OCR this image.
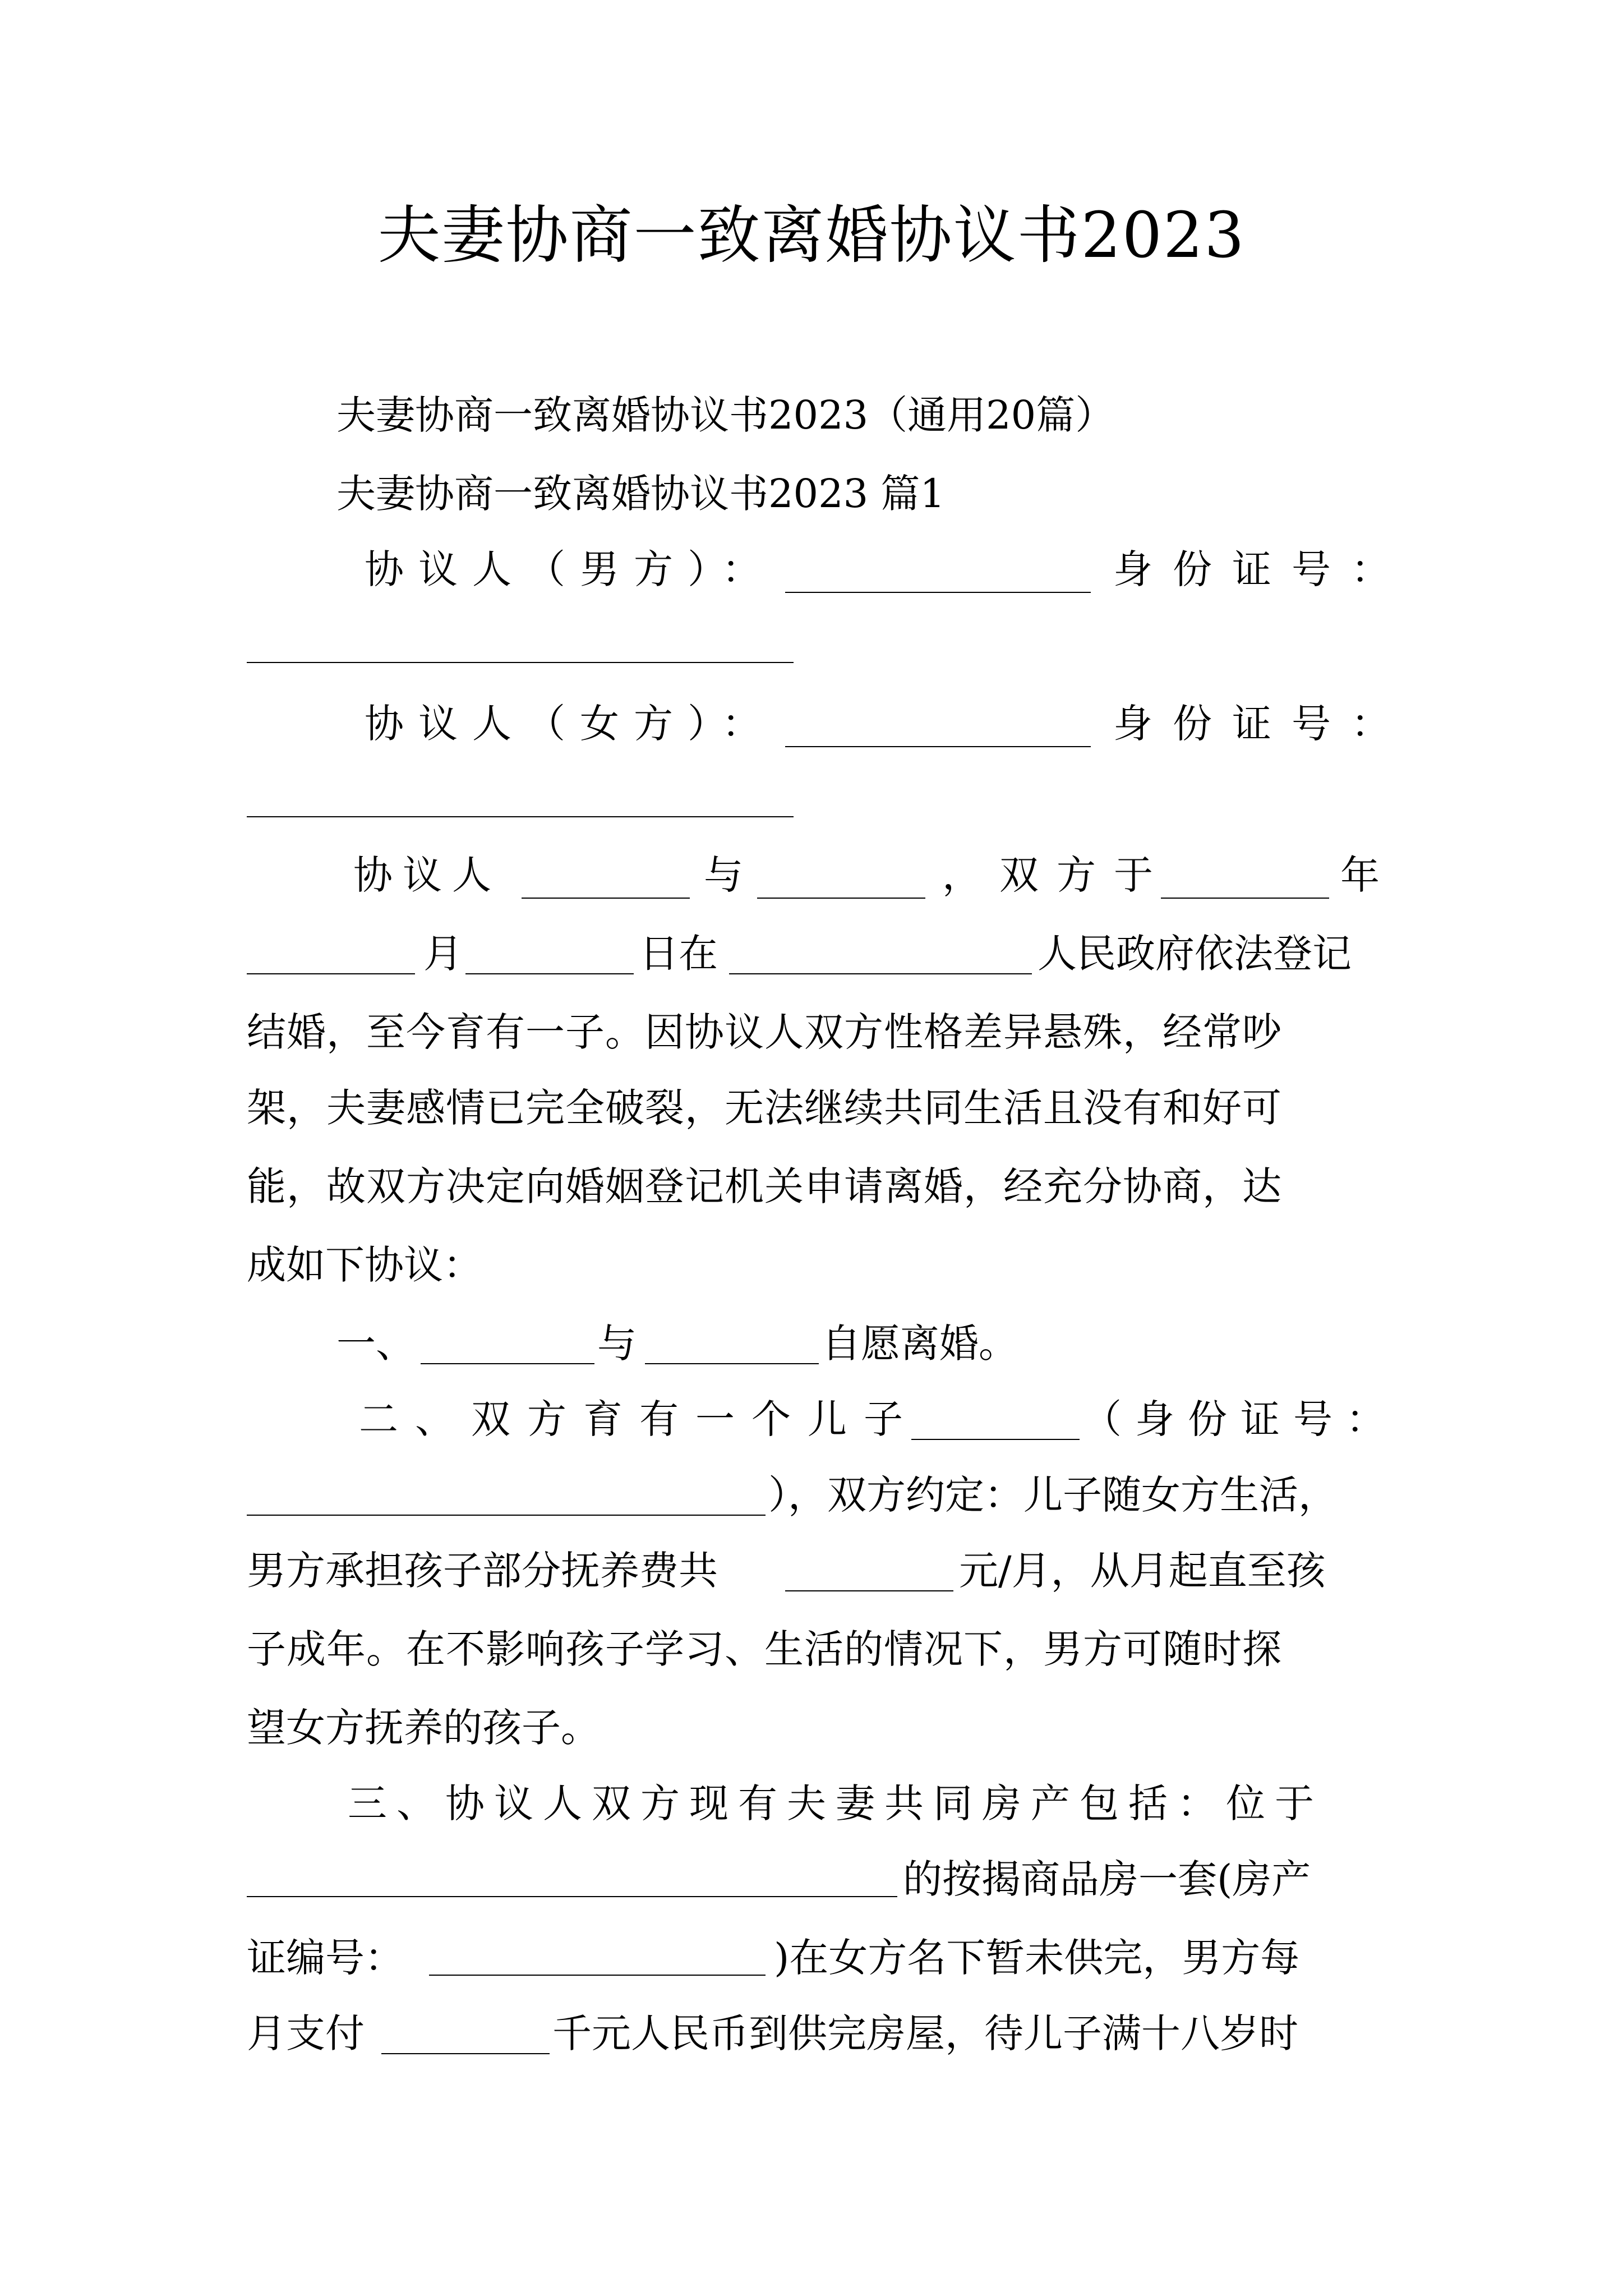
夫妻协商一致离婚协议书2023
夫妻协商一致离婚协议书2023（通用20篇）
夫妻协商一致离婚协议书2023 篇1
协议人（男方）：	身份证号：
协议人（女方）：	身份证号：
协议人	与	，双方于	年
月	日在	人民政府依法登记
结婚，至今育有一子。因协议人双方性格差异悬殊，经常吵
架，夫妻感情已完全破裂，无法继续共同生活且没有和好可
能，故双方决定向婚姻登记机关申请离婚，经充分协商，达
成如下协议：
一、	与	自愿离婚。
二、双方育有一个儿子	（身份证号：
），双方约定：儿子随女方生活，
男方承担孩子部分抚养费共	元/月，从月起直至孩
子成年。在不影响孩子学习、生活的情况下，男方可随时探
望女方抚养的孩子。
三、协议人双方现有夫妻共同房产包括：位于
的按揭商品房一套(房产
证编号：	)在女方名下暂未供完，男方每
月支付	千元人民币到供完房屋，待儿子满十八岁时
